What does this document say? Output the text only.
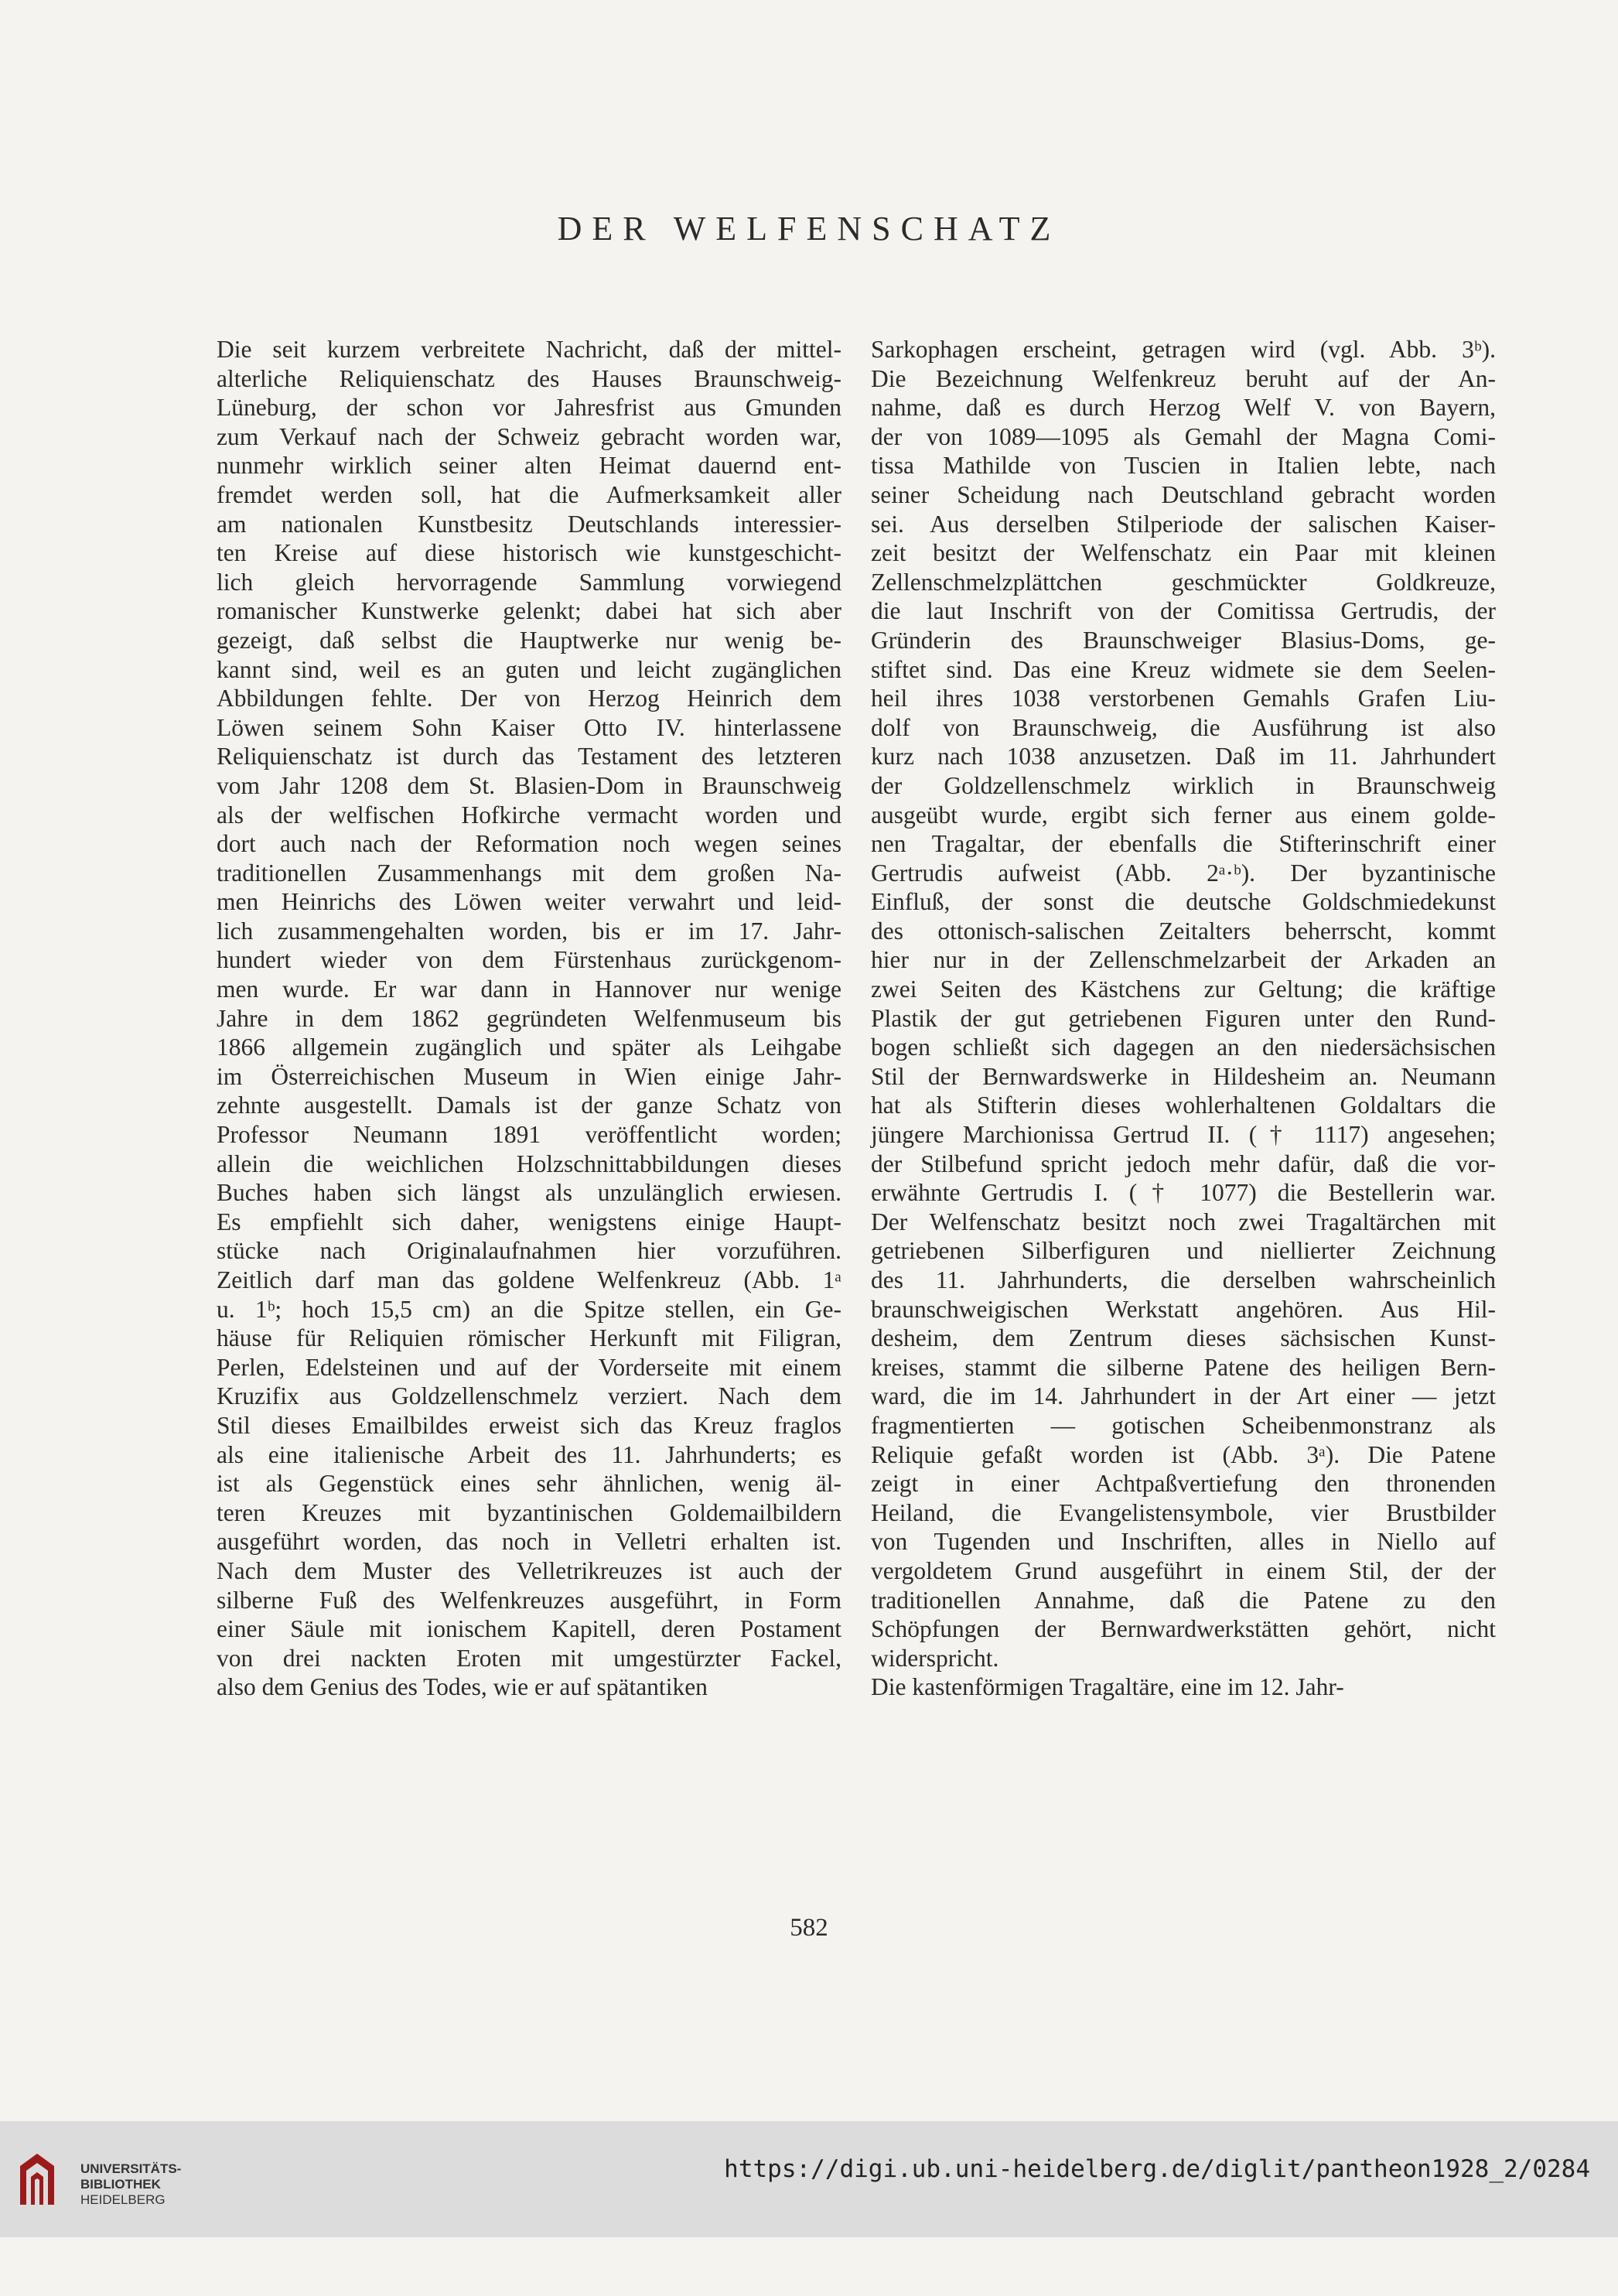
DER WELFENSCHATZ
Die seit kurzem verbreitete Nachricht, daß der mittel-
alterliche Reliquienschatz des Hauses Braunschweig-
Lüneburg, der schon vor Jahresfrist aus Gmunden
zum Verkauf nach der Schweiz gebracht worden war,
nunmehr wirklich seiner alten Heimat dauernd ent-
fremdet werden soll, hat die Aufmerksamkeit aller
am nationalen Kunstbesitz Deutschlands interessier-
ten Kreise auf diese historisch wie kunstgeschicht-
lich gleich hervorragende Sammlung vorwiegend
romanischer Kunstwerke gelenkt; dabei hat sich aber
gezeigt, daß selbst die Hauptwerke nur wenig be-
kannt sind, weil es an guten und leicht zugänglichen
Abbildungen fehlte. Der von Herzog Heinrich dem
Löwen seinem Sohn Kaiser Otto IV. hinterlassene
Reliquienschatz ist durch das Testament des letzteren
vom Jahr 1208 dem St. Blasien-Dom in Braunschweig
als der welfischen Hofkirche vermacht worden und
dort auch nach der Reformation noch wegen seines
traditionellen Zusammenhangs mit dem großen Na-
men Heinrichs des Löwen weiter verwahrt und leid-
lich zusammengehalten worden, bis er im 17. Jahr-
hundert wieder von dem Fürstenhaus zurückgenom-
men wurde. Er war dann in Hannover nur wenige
Jahre in dem 1862 gegründeten Welfenmuseum bis
1866 allgemein zugänglich und später als Leihgabe
im Österreichischen Museum in Wien einige Jahr-
zehnte ausgestellt. Damals ist der ganze Schatz von
Professor Neumann 1891 veröffentlicht worden;
allein die weichlichen Holzschnittabbildungen dieses
Buches haben sich längst als unzulänglich erwiesen.
Es empfiehlt sich daher, wenigstens einige Haupt-
stücke nach Originalaufnahmen hier vorzuführen.
Zeitlich darf man das goldene Welfenkreuz (Abb. 1ᵃ
u. 1ᵇ; hoch 15,5 cm) an die Spitze stellen, ein Ge-
häuse für Reliquien römischer Herkunft mit Filigran,
Perlen, Edelsteinen und auf der Vorderseite mit einem
Kruzifix aus Goldzellenschmelz verziert. Nach dem
Stil dieses Emailbildes erweist sich das Kreuz fraglos
als eine italienische Arbeit des 11. Jahrhunderts; es
ist als Gegenstück eines sehr ähnlichen, wenig äl-
teren Kreuzes mit byzantinischen Goldemailbildern
ausgeführt worden, das noch in Velletri erhalten ist.
Nach dem Muster des Velletrikreuzes ist auch der
silberne Fuß des Welfenkreuzes ausgeführt, in Form
einer Säule mit ionischem Kapitell, deren Postament
von drei nackten Eroten mit umgestürzter Fackel,
also dem Genius des Todes, wie er auf spätantiken
Sarkophagen erscheint, getragen wird (vgl. Abb. 3ᵇ).
Die Bezeichnung Welfenkreuz beruht auf der An-
nahme, daß es durch Herzog Welf V. von Bayern,
der von 1089—1095 als Gemahl der Magna Comi-
tissa Mathilde von Tuscien in Italien lebte, nach
seiner Scheidung nach Deutschland gebracht worden
sei. Aus derselben Stilperiode der salischen Kaiser-
zeit besitzt der Welfenschatz ein Paar mit kleinen
Zellenschmelzplättchen geschmückter Goldkreuze,
die laut Inschrift von der Comitissa Gertrudis, der
Gründerin des Braunschweiger Blasius-Doms, ge-
stiftet sind. Das eine Kreuz widmete sie dem Seelen-
heil ihres 1038 verstorbenen Gemahls Grafen Liu-
dolf von Braunschweig, die Ausführung ist also
kurz nach 1038 anzusetzen. Daß im 11. Jahrhundert
der Goldzellenschmelz wirklich in Braunschweig
ausgeübt wurde, ergibt sich ferner aus einem golde-
nen Tragaltar, der ebenfalls die Stifterinschrift einer
Gertrudis aufweist (Abb. 2ᵃ·ᵇ). Der byzantinische
Einfluß, der sonst die deutsche Goldschmiedekunst
des ottonisch-salischen Zeitalters beherrscht, kommt
hier nur in der Zellenschmelzarbeit der Arkaden an
zwei Seiten des Kästchens zur Geltung; die kräftige
Plastik der gut getriebenen Figuren unter den Rund-
bogen schließt sich dagegen an den niedersächsischen
Stil der Bernwardswerke in Hildesheim an. Neumann
hat als Stifterin dieses wohlerhaltenen Goldaltars die
jüngere Marchionissa Gertrud II. († 1117) angesehen;
der Stilbefund spricht jedoch mehr dafür, daß die vor-
erwähnte Gertrudis I. († 1077) die Bestellerin war.
Der Welfenschatz besitzt noch zwei Tragaltärchen mit
getriebenen Silberfiguren und niellierter Zeichnung
des 11. Jahrhunderts, die derselben wahrscheinlich
braunschweigischen Werkstatt angehören. Aus Hil-
desheim, dem Zentrum dieses sächsischen Kunst-
kreises, stammt die silberne Patene des heiligen Bern-
ward, die im 14. Jahrhundert in der Art einer — jetzt
fragmentierten — gotischen Scheibenmonstranz als
Reliquie gefaßt worden ist (Abb. 3ᵃ). Die Patene
zeigt in einer Achtpaßvertiefung den thronenden
Heiland, die Evangelistensymbole, vier Brustbilder
von Tugenden und Inschriften, alles in Niello auf
vergoldetem Grund ausgeführt in einem Stil, der der
traditionellen Annahme, daß die Patene zu den
Schöpfungen der Bernwardwerkstätten gehört, nicht
widerspricht.
Die kastenförmigen Tragaltäre, eine im 12. Jahr-
582
UNIVERSITÄTS-
BIBLIOTHEK
HEIDELBERG
https://digi.ub.uni-heidelberg.de/diglit/pantheon1928_2/0284
